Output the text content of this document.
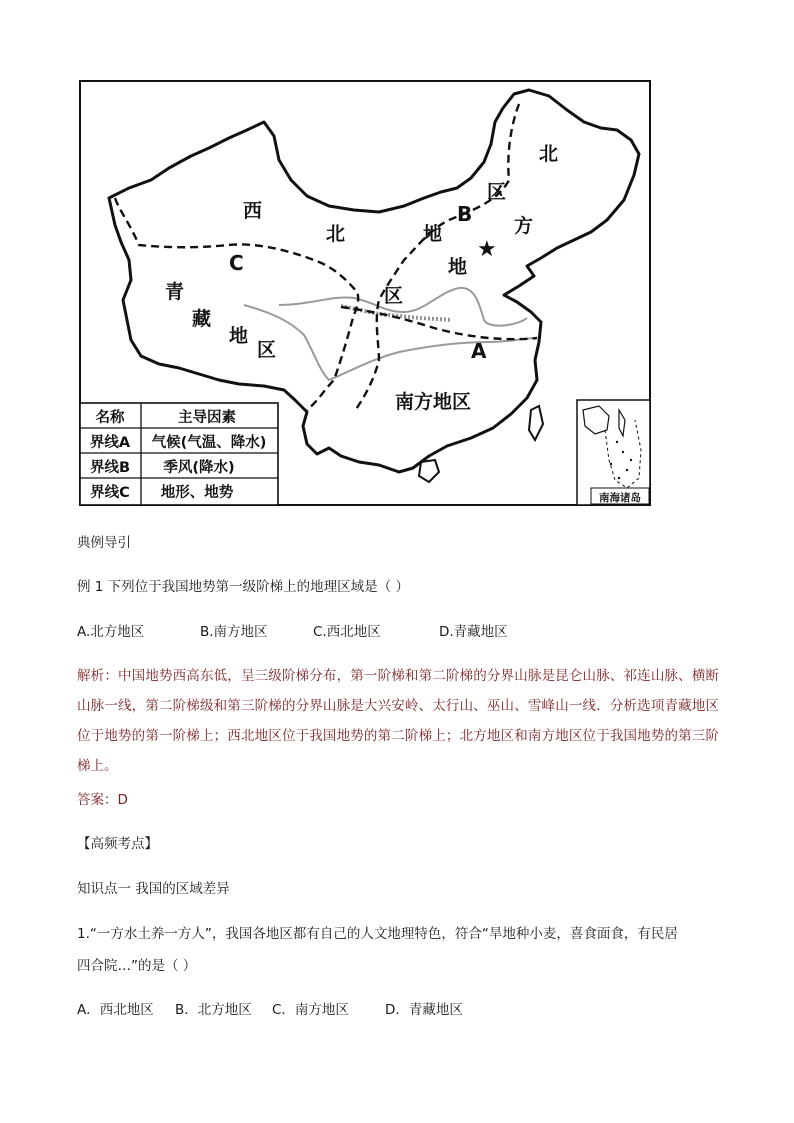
★
西
北	地
区
北
区
方
地
青
藏
地
区
南方地区
B
C
A
南海诸岛
名称	主导因素
界线A 气候(气温、降水)
界线B 季风(降水)
界线C 地形、地势
典例导引
例 1 下列位于我国地势第一级阶梯上的地理区域是（ ）
A.北方地区	B.南方地区	C.西北地区	D.青藏地区
解析：中国地势西高东低，呈三级阶梯分布，第一阶梯和第二阶梯的分界山脉是昆仑山脉、祁连山脉、横断山脉一线，第二阶梯级和第三阶梯的分界山脉是大兴安岭、太行山、巫山、雪峰山一线．分析选项青藏地区位于地势的第一阶梯上；西北地区位于我国地势的第二阶梯上；北方地区和南方地区位于我国地势的第三阶梯上。
答案：D
【高频考点】
知识点一 我国的区域差异
1.“一方水土养一方人”，我国各地区都有自己的人文地理特色，符合“旱地种小麦，喜食面食，有民居
四合院…”的是（ ）
A．西北地区 B．北方地区 C．南方地区	D．青藏地区
